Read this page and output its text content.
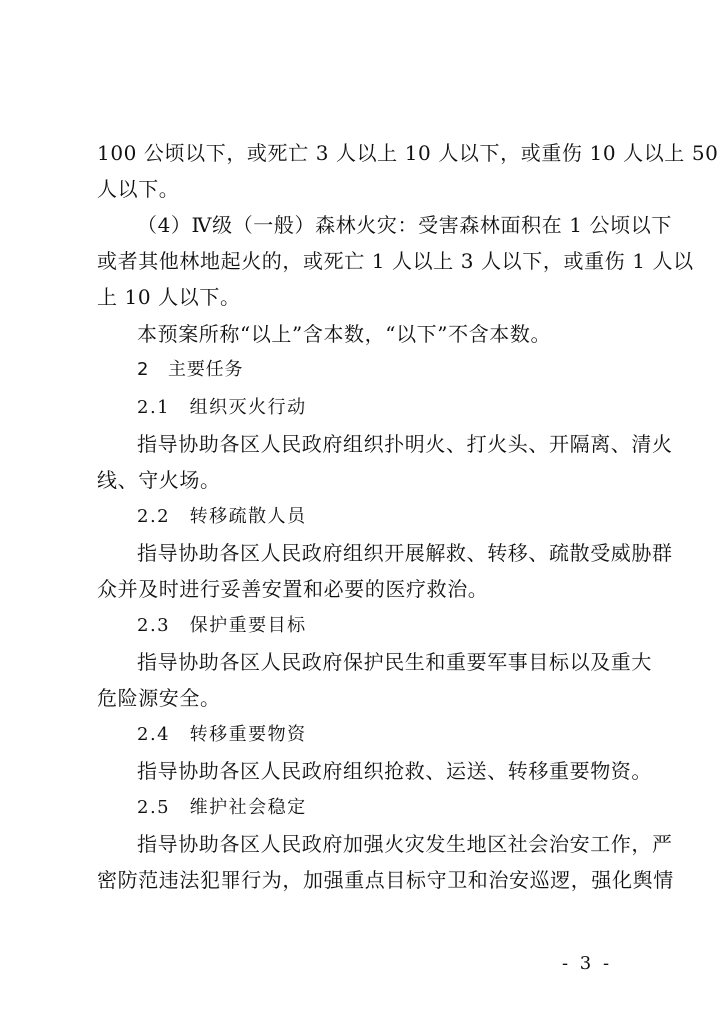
100 公顷以下，或死亡 3 人以上 10 人以下，或重伤 10 人以上 50
人以下。
（4）Ⅳ级（一般）森林火灾：受害森林面积在 1 公顷以下
或者其他林地起火的，或死亡 1 人以上 3 人以下，或重伤 1 人以
上 10 人以下。
本预案所称“以上”含本数，“以下”不含本数。
2　主要任务
2.1　组织灭火行动
指导协助各区人民政府组织扑明火、打火头、开隔离、清火
线、守火场。
2.2　转移疏散人员
指导协助各区人民政府组织开展解救、转移、疏散受威胁群
众并及时进行妥善安置和必要的医疗救治。
2.3　保护重要目标
指导协助各区人民政府保护民生和重要军事目标以及重大
危险源安全。
2.4　转移重要物资
指导协助各区人民政府组织抢救、运送、转移重要物资。
2.5　维护社会稳定
指导协助各区人民政府加强火灾发生地区社会治安工作，严
密防范违法犯罪行为，加强重点目标守卫和治安巡逻，强化舆情
- 3 -
